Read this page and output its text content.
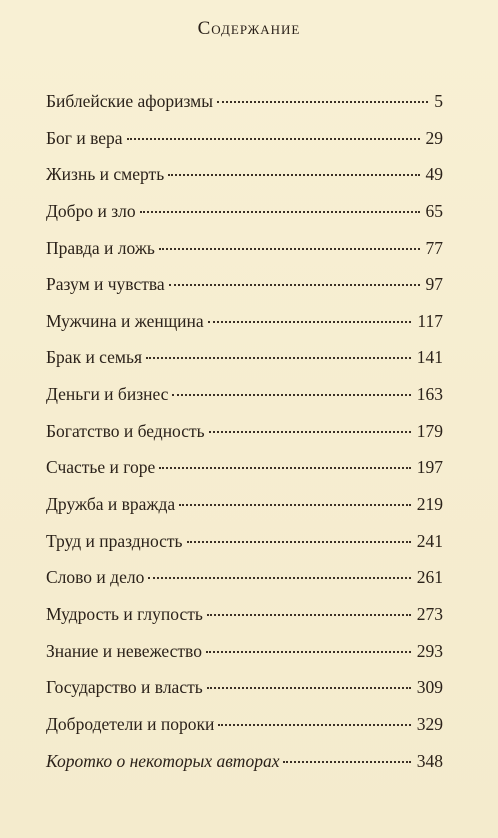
Содержание
Библейские афоризмы	5
Бог и вера	29
Жизнь и смерть	49
Добро и зло	65
Правда и ложь	77
Разум и чувства	97
Мужчина и женщина	117
Брак и семья	141
Деньги и бизнес	163
Богатство и бедность	179
Счастье и горе	197
Дружба и вражда	219
Труд и праздность	241
Слово и дело	261
Мудрость и глупость	273
Знание и невежество	293
Государство и власть	309
Добродетели и пороки	329
Коротко о некоторых авторах	348
